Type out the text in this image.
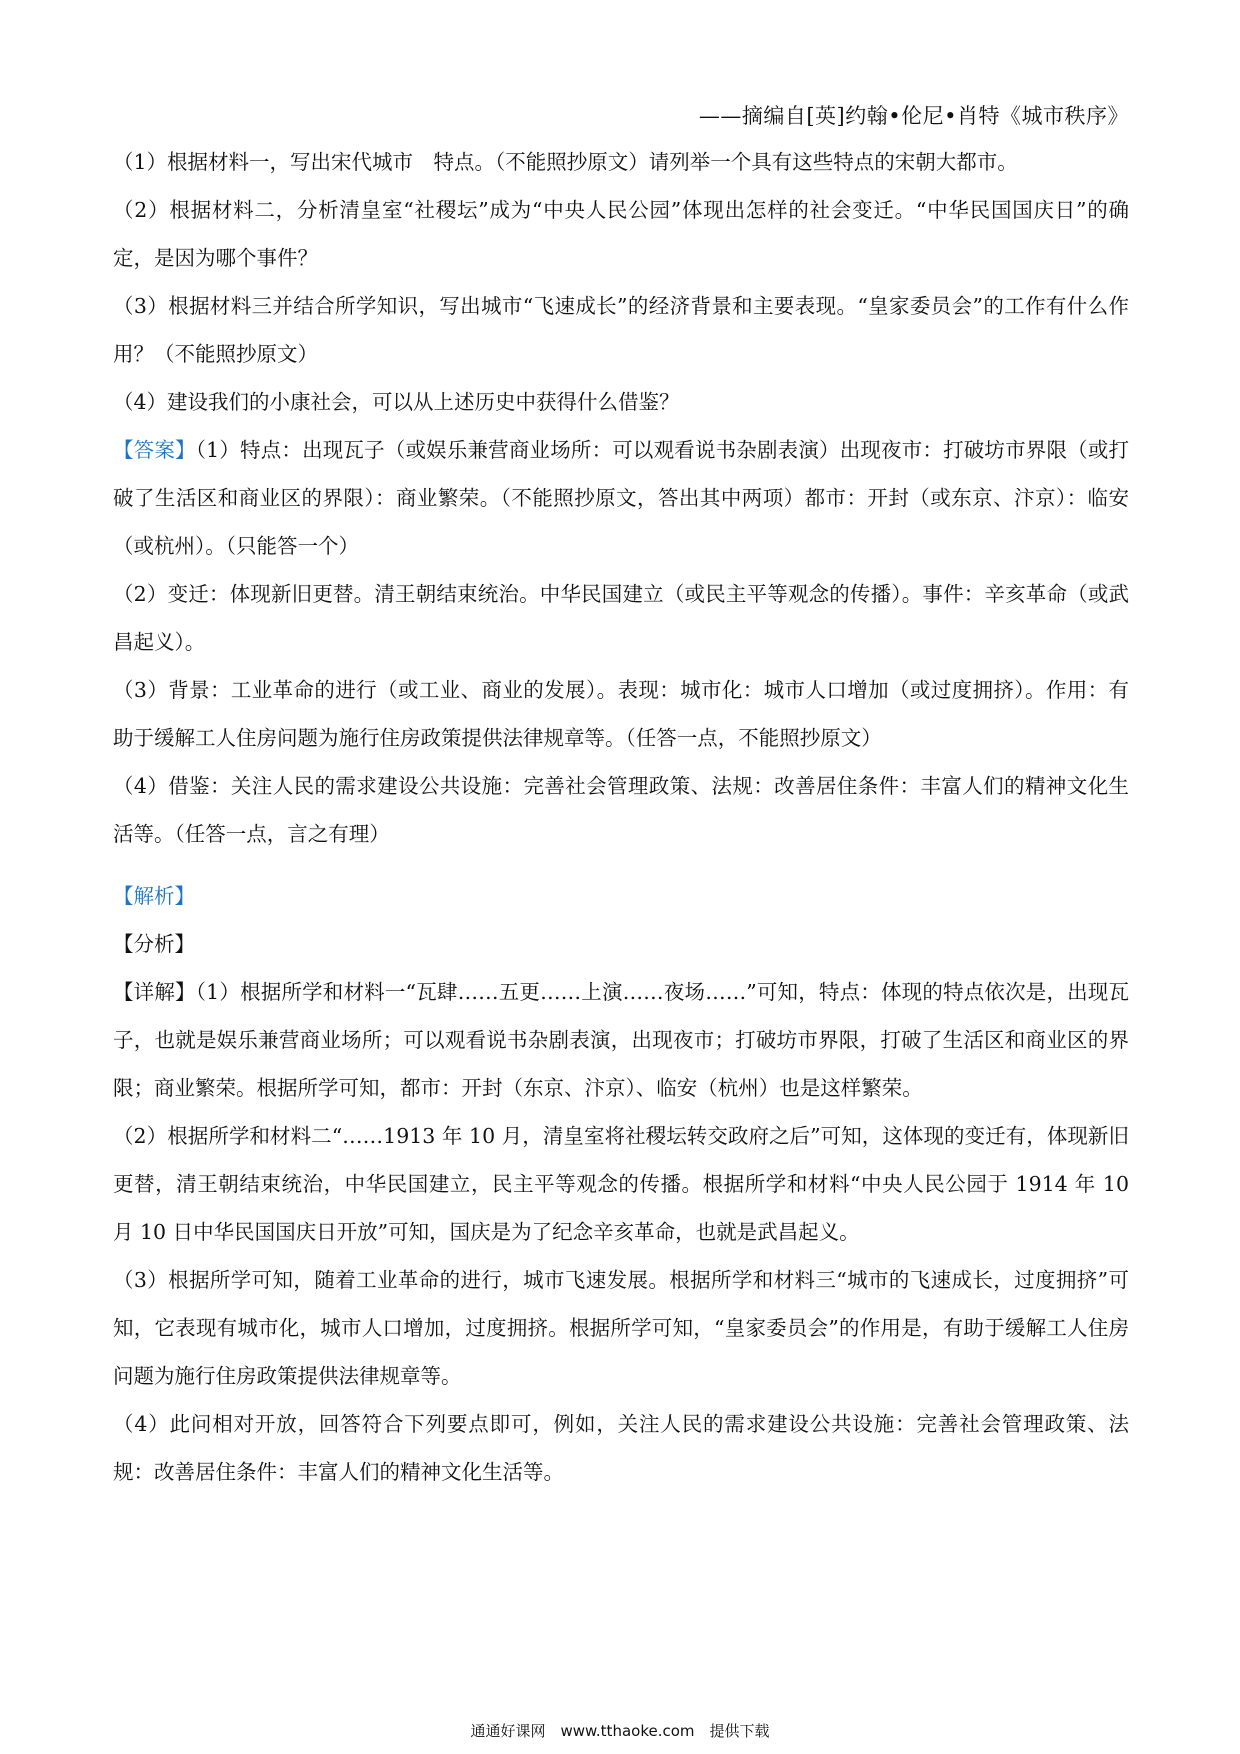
——摘编自[英]约翰•伦尼•肖特《城市秩序》

（1）根据材料一，写出宋代城市　特点。（不能照抄原文）请列举一个具有这些特点的宋朝大都市。

（2）根据材料二，分析清皇室“社稷坛”成为“中央人民公园”体现出怎样的社会变迁。“中华民国国庆日”的确定，是因为哪个事件？

（3）根据材料三并结合所学知识，写出城市“飞速成长”的经济背景和主要表现。“皇家委员会”的工作有什么作用？（不能照抄原文）

（4）建设我们的小康社会，可以从上述历史中获得什么借鉴？

【答案】（1）特点：出现瓦子（或娱乐兼营商业场所：可以观看说书杂剧表演）出现夜市：打破坊市界限（或打破了生活区和商业区的界限）：商业繁荣。（不能照抄原文，答出其中两项）都市：开封（或东京、汴京）：临安（或杭州）。（只能答一个）

（2）变迁：体现新旧更替。清王朝结束统治。中华民国建立（或民主平等观念的传播）。事件：辛亥革命（或武昌起义）。

（3）背景：工业革命的进行（或工业、商业的发展）。表现：城市化：城市人口增加（或过度拥挤）。作用：有助于缓解工人住房问题为施行住房政策提供法律规章等。（任答一点，不能照抄原文）

（4）借鉴：关注人民的需求建设公共设施：完善社会管理政策、法规：改善居住条件：丰富人们的精神文化生活等。（任答一点，言之有理）

【解析】

【分析】

【详解】（1）根据所学和材料一“瓦肆……五更……上演……夜场……”可知，特点：体现的特点依次是，出现瓦子，也就是娱乐兼营商业场所；可以观看说书杂剧表演，出现夜市；打破坊市界限，打破了生活区和商业区的界限；商业繁荣。根据所学可知，都市：开封（东京、汴京）、临安（杭州）也是这样繁荣。

（2）根据所学和材料二“……1913 年 10 月，清皇室将社稷坛转交政府之后”可知，这体现的变迁有，体现新旧更替，清王朝结束统治，中华民国建立，民主平等观念的传播。根据所学和材料“中央人民公园于 1914 年 10 月 10 日中华民国国庆日开放”可知，国庆是为了纪念辛亥革命，也就是武昌起义。

（3）根据所学可知，随着工业革命的进行，城市飞速发展。根据所学和材料三“城市的飞速成长，过度拥挤”可知，它表现有城市化，城市人口增加，过度拥挤。根据所学可知，“皇家委员会”的作用是，有助于缓解工人住房问题为施行住房政策提供法律规章等。

（4）此问相对开放，回答符合下列要点即可，例如，关注人民的需求建设公共设施：完善社会管理政策、法规：改善居住条件：丰富人们的精神文化生活等。

通通好课网　www.tthaoke.com　提供下载
